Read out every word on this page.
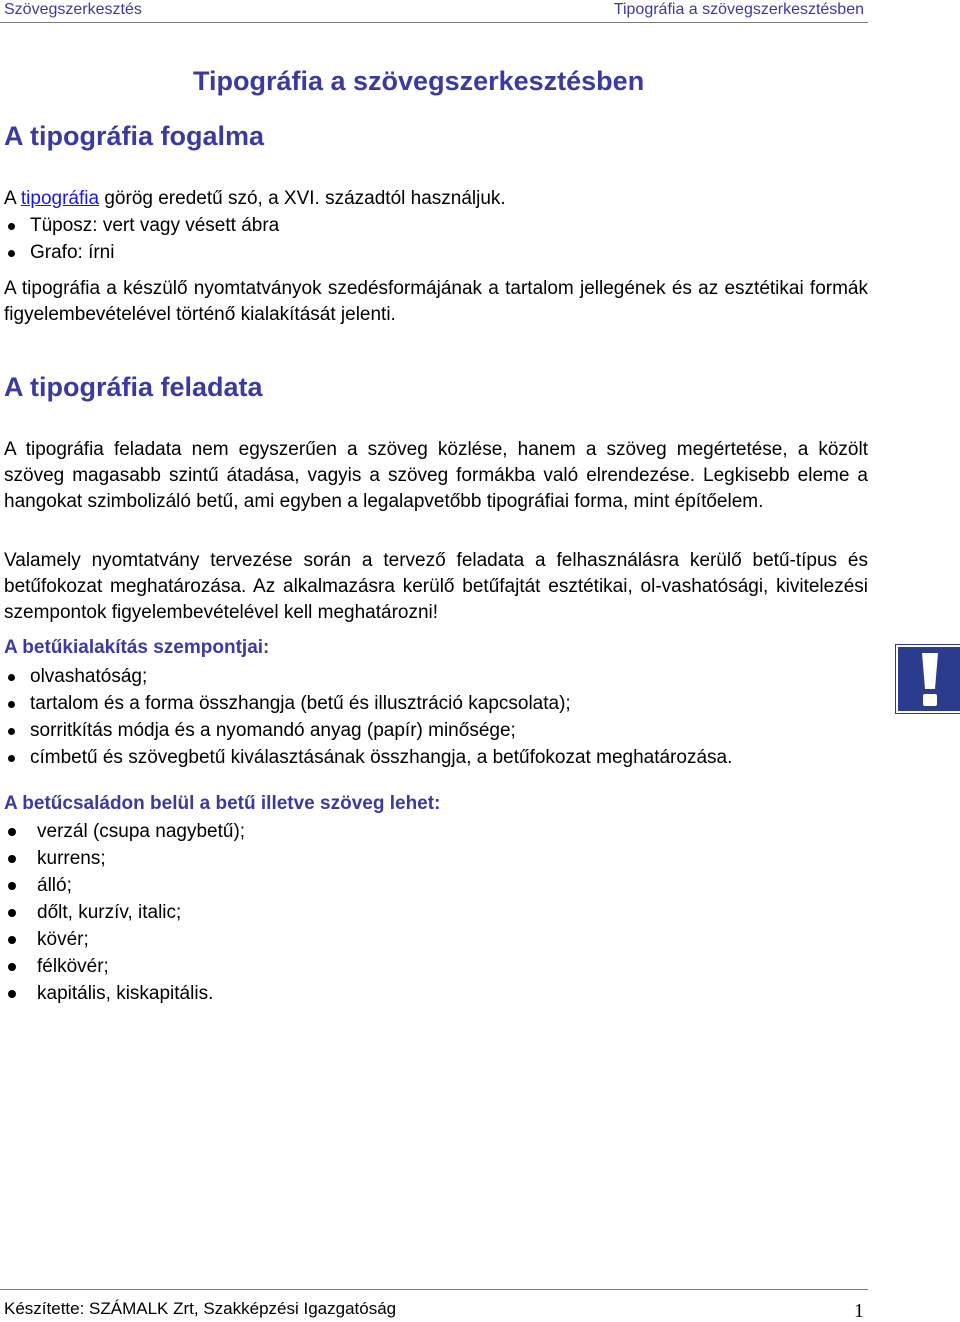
Szövegszerkesztés	Tipográfia a szövegszerkesztésben
Tipográfia a szövegszerkesztésben
A tipográfia fogalma

A tipográfia görög eredetű szó, a XVI. századtól használjuk.

Tüposz: vert vagy vésett ábra
Grafo: írni

A tipográfia a készülő nyomtatványok szedésformájának a tartalom jellegének és az esztétikai formák figyelembevételével történő kialakítását jelenti.

A tipográfia feladata

A tipográfia feladata nem egyszerűen a szöveg közlése, hanem a szöveg megértetése, a közölt szöveg magasabb szintű átadása, vagyis a szöveg formákba való elrendezése. Legkisebb eleme a hangokat szimbolizáló betű, ami egyben a legalapvetőbb tipográfiai forma, mint építőelem.

Valamely nyomtatvány tervezése során a tervező feladata a felhasználásra kerülő betű-típus és betűfokozat meghatározása. Az alkalmazásra kerülő betűfajtát esztétikai, ol-vashatósági, kivitelezési szempontok figyelembevételével kell meghatározni!

A betűkialakítás szempontjai:
olvashatóság;
tartalom és a forma összhangja (betű és illusztráció kapcsolata);
sorritkítás módja és a nyomandó anyag (papír) minősége;
címbetű és szövegbetű kiválasztásának összhangja, a betűfokozat meghatározása.
A betűcsaládon belül a betű illetve szöveg lehet:
verzál (csupa nagybetű);
kurrens;
álló;
dőlt, kurzív, italic;
kövér;
félkövér;
kapitális, kiskapitális.
Készítette: SZÁMALK Zrt, Szakképzési Igazgatóság	1
